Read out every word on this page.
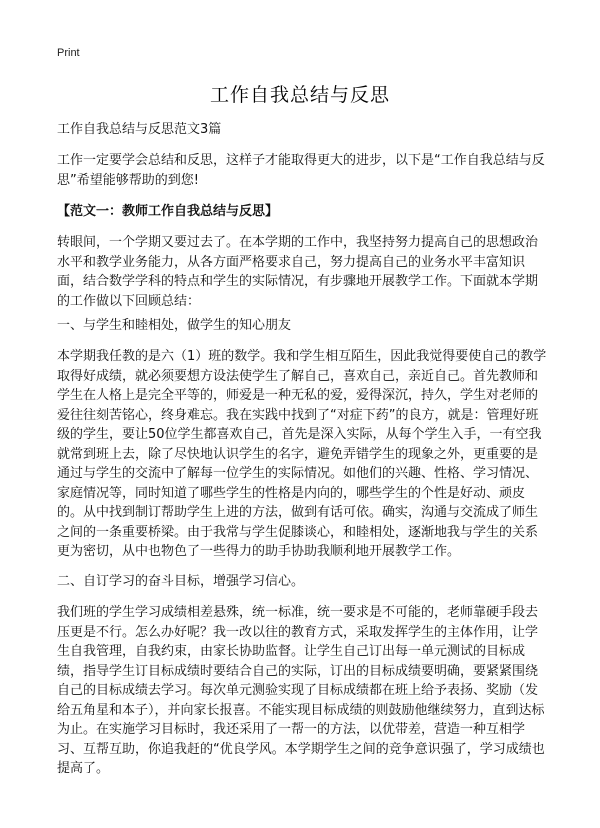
Print
工作自我总结与反思

工作自我总结与反思范文3篇

工作一定要学会总结和反思，这样子才能取得更大的进步，以下是“工作自我总结与反思”希望能够帮助的到您!

【范文一：教师工作自我总结与反思】

转眼间，一个学期又要过去了。在本学期的工作中，我坚持努力提高自己的思想政治水平和教学业务能力，从各方面严格要求自己，努力提高自己的业务水平丰富知识面，结合数学学科的特点和学生的实际情况，有步骤地开展教学工作。下面就本学期的工作做以下回顾总结：

一、与学生和睦相处，做学生的知心朋友

本学期我任教的是六（1）班的数学。我和学生相互陌生，因此我觉得要使自己的教学取得好成绩，就必须要想方设法使学生了解自己，喜欢自己，亲近自己。首先教师和学生在人格上是完全平等的，师爱是一种无私的爱，爱得深沉，持久，学生对老师的爱往往刻苦铭心，终身难忘。我在实践中找到了“对症下药”的良方，就是：管理好班级的学生，要让50位学生都喜欢自己，首先是深入实际，从每个学生入手，一有空我就常到班上去，除了尽快地认识学生的名字，避免弄错学生的现象之外，更重要的是通过与学生的交流中了解每一位学生的实际情况。如他们的兴趣、性格、学习情况、家庭情况等，同时知道了哪些学生的性格是内向的，哪些学生的个性是好动、顽皮的。从中找到制订帮助学生上进的方法，做到有话可依。确实，沟通与交流成了师生之间的一条重要桥梁。由于我常与学生促膝谈心，和睦相处，逐渐地我与学生的关系更为密切，从中也物色了一些得力的助手协助我顺利地开展教学工作。

二、自订学习的奋斗目标，增强学习信心。

我们班的学生学习成绩相差悬殊，统一标准，统一要求是不可能的，老师靠硬手段去压更是不行。怎么办好呢？我一改以往的教育方式，采取发挥学生的主体作用，让学生自我管理，自我约束，由家长协助监督。让学生自己订出每一单元测试的目标成绩，指导学生订目标成绩时要结合自己的实际，订出的目标成绩要明确，要紧紧围绕自己的目标成绩去学习。每次单元测验实现了目标成绩都在班上给予表扬、奖励（发给五角星和本子），并向家长报喜。不能实现目标成绩的则鼓励他继续努力，直到达标为止。在实施学习目标时，我还采用了一帮一的方法，以优带差，营造一种互相学习、互帮互助，你追我赶的“优良学风。本学期学生之间的竞争意识强了，学习成绩也提高了。
